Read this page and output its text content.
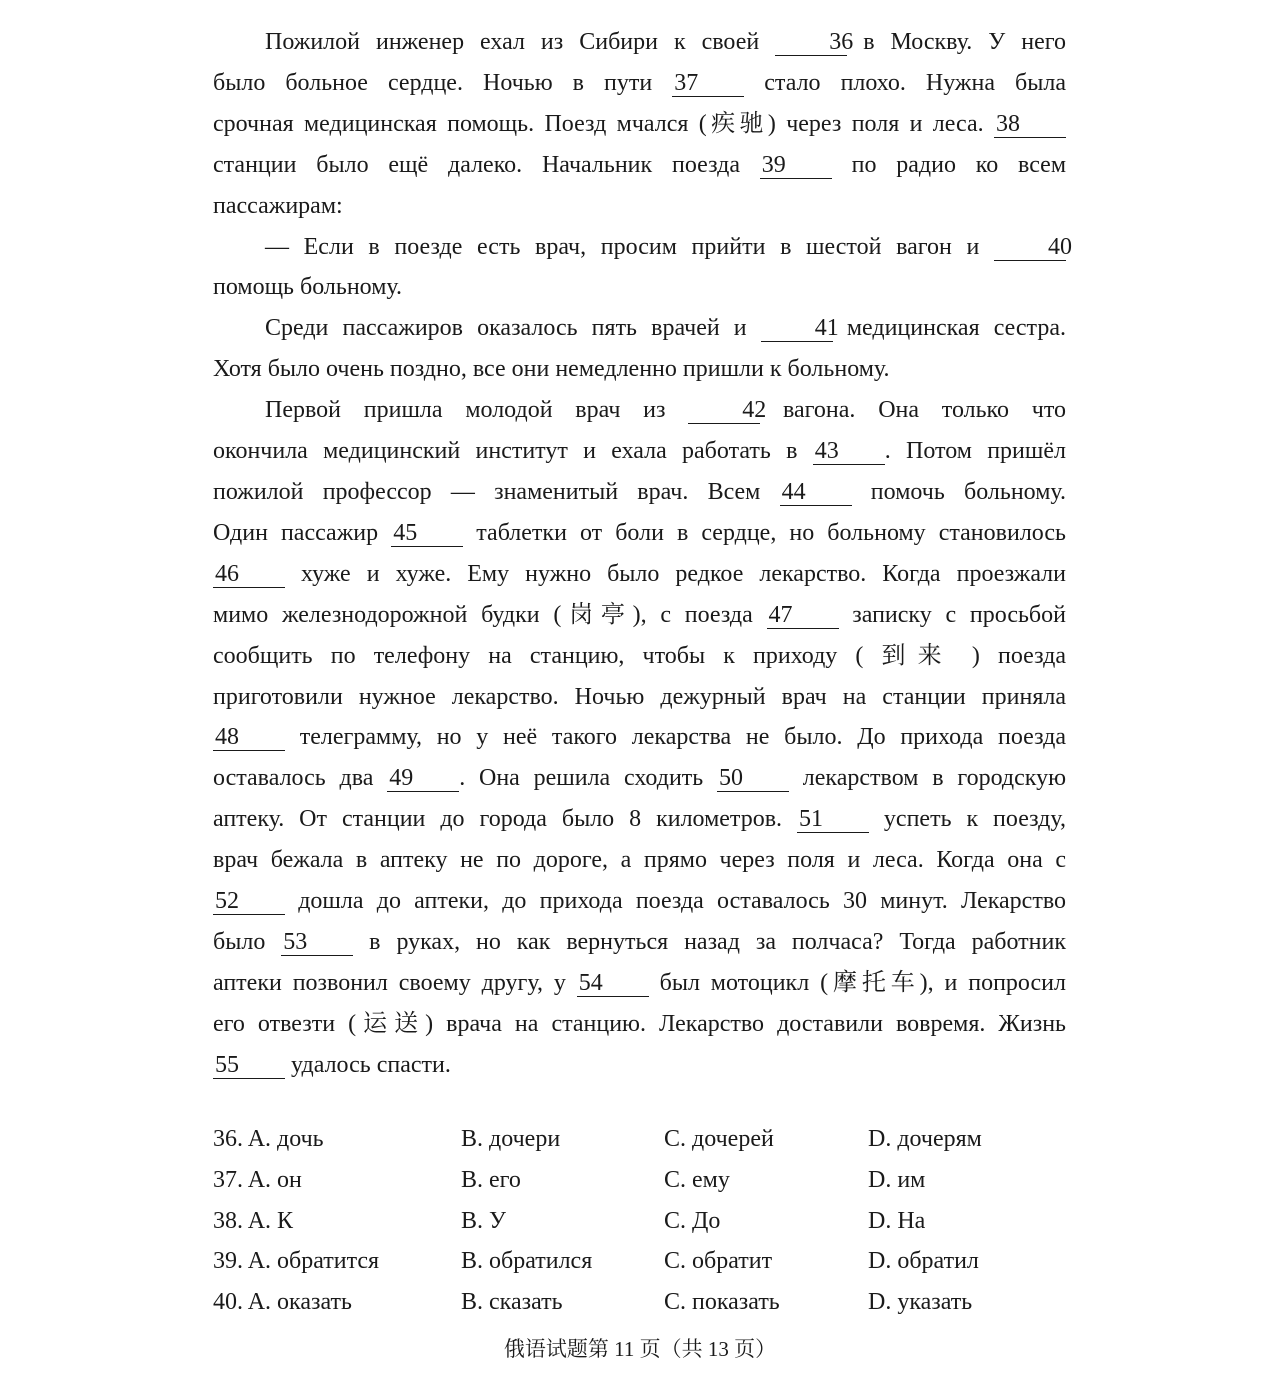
Пожилой инженер ехал из Сибири к своей 36 в Москву. У него

было больное сердце. Ночью в пути 37 стало плохо. Нужна была

срочная медицинская помощь. Поезд мчался (疾驰) через поля и леса. 38

станции было ещё далеко. Начальник поезда 39 по радио ко всем

пассажирам:

— Если в поезде есть врач, просим прийти в шестой вагон и 40

помощь больному.

Среди пассажиров оказалось пять врачей и 41 медицинская сестра.

Хотя было очень поздно, все они немедленно пришли к больному.

Первой пришла молодой врач из 42 вагона. Она только что

окончила медицинский институт и ехала работать в 43 . Потом пришёл

пожилой профессор — знаменитый врач. Всем 44 помочь больному.

Один пассажир 45 таблетки от боли в сердце, но больному становилось

46 хуже и хуже. Ему нужно было редкое лекарство. Когда проезжали

мимо железнодорожной будки (岗亭), с поезда 47 записку с просьбой

сообщить по телефону на станцию, чтобы к приходу ( 到来 ) поезда

приготовили нужное лекарство. Ночью дежурный врач на станции приняла

48 телеграмму, но у неё такого лекарства не было. До прихода поезда

оставалось два 49 . Она решила сходить 50 лекарством в городскую

аптеку. От станции до города было 8 километров. 51 успеть к поезду,

врач бежала в аптеку не по дороге, а прямо через поля и леса. Когда она с

52 дошла до аптеки, до прихода поезда оставалось 30 минут. Лекарство

было 53 в руках, но как вернуться назад за полчаса? Тогда работник

аптеки позвонил своему другу, у 54 был мотоцикл (摩托车), и попросил

его отвезти (运送) врача на станцию. Лекарство доставили вовремя. Жизнь

55 удалось спасти.

36. A. дочь	B. дочери	C. дочерей	D. дочерям
37. A. он	B. его	C. ему	D. им
38. A. К	B. У	C. До	D. На
39. A. обратится	B. обратился	C. обратит	D. обратил
40. A. оказать	B. сказать	C. показать	D. указать
俄语试题第 11 页（共 13 页）
